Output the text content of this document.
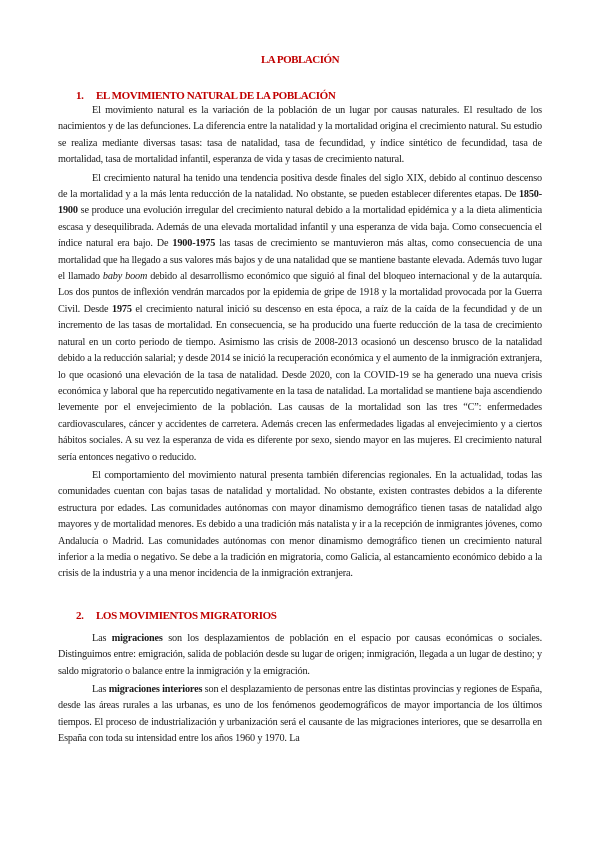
LA POBLACIÓN
1.	EL MOVIMIENTO NATURAL DE LA POBLACIÓN

El movimiento natural es la variación de la población de un lugar por causas naturales. El resultado de los nacimientos y de las defunciones. La diferencia entre la natalidad y la mortalidad origina el crecimiento natural. Su estudio se realiza mediante diversas tasas: tasa de natalidad, tasa de fecundidad, y índice sintético de fecundidad, tasa de mortalidad, tasa de mortalidad infantil, esperanza de vida y tasas de crecimiento natural.

El crecimiento natural ha tenido una tendencia positiva desde finales del siglo XIX, debido al continuo descenso de la mortalidad y a la más lenta reducción de la natalidad. No obstante, se pueden establecer diferentes etapas. De 1850-1900 se produce una evolución irregular del crecimiento natural debido a la mortalidad epidémica y a la dieta alimenticia escasa y desequilibrada. Además de una elevada mortalidad infantil y una esperanza de vida baja. Como consecuencia el índice natural era bajo. De 1900-1975 las tasas de crecimiento se mantuvieron más altas, como consecuencia de una mortalidad que ha llegado a sus valores más bajos y de una natalidad que se mantiene bastante elevada. Además tuvo lugar el llamado baby boom debido al desarrollismo económico que siguió al final del bloqueo internacional y de la autarquía. Los dos puntos de inflexión vendrán marcados por la epidemia de gripe de 1918 y la mortalidad provocada por la Guerra Civil. Desde 1975 el crecimiento natural inició su descenso en esta época, a raíz de la caída de la fecundidad y de un incremento de las tasas de mortalidad. En consecuencia, se ha producido una fuerte reducción de la tasa de crecimiento natural en un corto periodo de tiempo. Asimismo las crisis de 2008-2013 ocasionó un descenso brusco de la natalidad debido a la reducción salarial; y desde 2014 se inició la recuperación económica y el aumento de la inmigración extranjera, lo que ocasionó una elevación de la tasa de natalidad. Desde 2020, con la COVID-19 se ha generado una nueva crisis económica y laboral que ha repercutido negativamente en la tasa de natalidad. La mortalidad se mantiene baja ascendiendo levemente por el envejecimiento de la población. Las causas de la mortalidad son las tres “C”: enfermedades cardiovasculares, cáncer y accidentes de carretera. Además crecen las enfermedades ligadas al envejecimiento y a ciertos hábitos sociales. A su vez la esperanza de vida es diferente por sexo, siendo mayor en las mujeres. El crecimiento natural sería entonces negativo o reducido.

El comportamiento del movimiento natural presenta también diferencias regionales. En la actualidad, todas las comunidades cuentan con bajas tasas de natalidad y mortalidad. No obstante, existen contrastes debidos a la diferente estructura por edades. Las comunidades autónomas con mayor dinamismo demográfico tienen tasas de natalidad algo mayores y de mortalidad menores. Es debido a una tradición más natalista y ir a la recepción de inmigrantes jóvenes, como Andalucía o Madrid. Las comunidades autónomas con menor dinamismo demográfico tienen un crecimiento natural inferior a la media o negativo. Se debe a la tradición en migratoria, como Galicia, al estancamiento económico debido a la crisis de la industria y a una menor incidencia de la inmigración extranjera.

2.	LOS MOVIMIENTOS MIGRATORIOS

Las migraciones son los desplazamientos de población en el espacio por causas económicas o sociales. Distinguimos entre: emigración, salida de población desde su lugar de origen; inmigración, llegada a un lugar de destino; y saldo migratorio o balance entre la inmigración y la emigración.

Las migraciones interiores son el desplazamiento de personas entre las distintas provincias y regiones de España, desde las áreas rurales a las urbanas, es uno de los fenómenos geodemográficos de mayor importancia de los últimos tiempos. El proceso de industrialización y urbanización será el causante de las migraciones interiores, que se desarrolla en España con toda su intensidad entre los años 1960 y 1970. La
